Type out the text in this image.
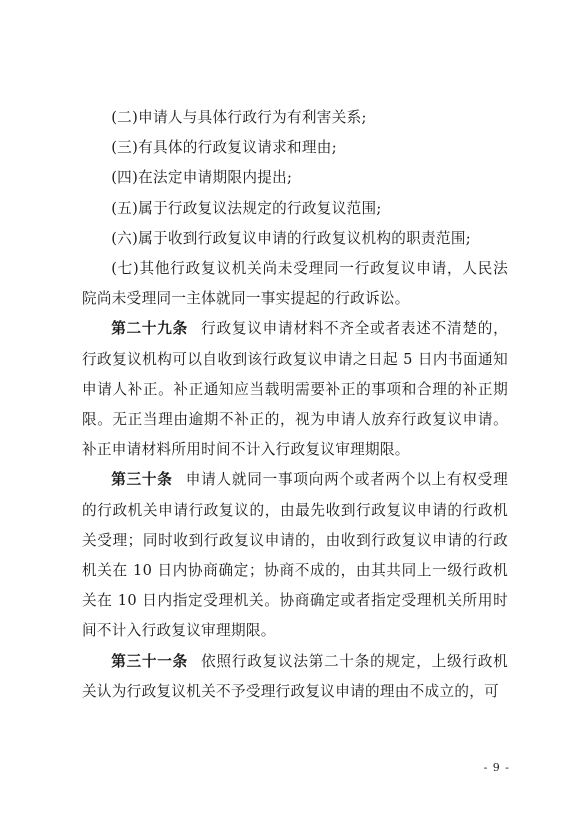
(二)申请人与具体行政行为有利害关系;

(三)有具体的行政复议请求和理由;

(四)在法定申请期限内提出;

(五)属于行政复议法规定的行政复议范围;

(六)属于收到行政复议申请的行政复议机构的职责范围;

(七)其他行政复议机关尚未受理同一行政复议申请，人民法院尚未受理同一主体就同一事实提起的行政诉讼。

第二十九条 行政复议申请材料不齐全或者表述不清楚的，行政复议机构可以自收到该行政复议申请之日起 5 日内书面通知申请人补正。补正通知应当载明需要补正的事项和合理的补正期限。无正当理由逾期不补正的，视为申请人放弃行政复议申请。补正申请材料所用时间不计入行政复议审理期限。

第三十条 申请人就同一事项向两个或者两个以上有权受理的行政机关申请行政复议的，由最先收到行政复议申请的行政机关受理；同时收到行政复议申请的，由收到行政复议申请的行政机关在 10 日内协商确定；协商不成的，由其共同上一级行政机关在 10 日内指定受理机关。协商确定或者指定受理机关所用时间不计入行政复议审理期限。

第三十一条 依照行政复议法第二十条的规定，上级行政机关认为行政复议机关不予受理行政复议申请的理由不成立的，可

- 9 -
